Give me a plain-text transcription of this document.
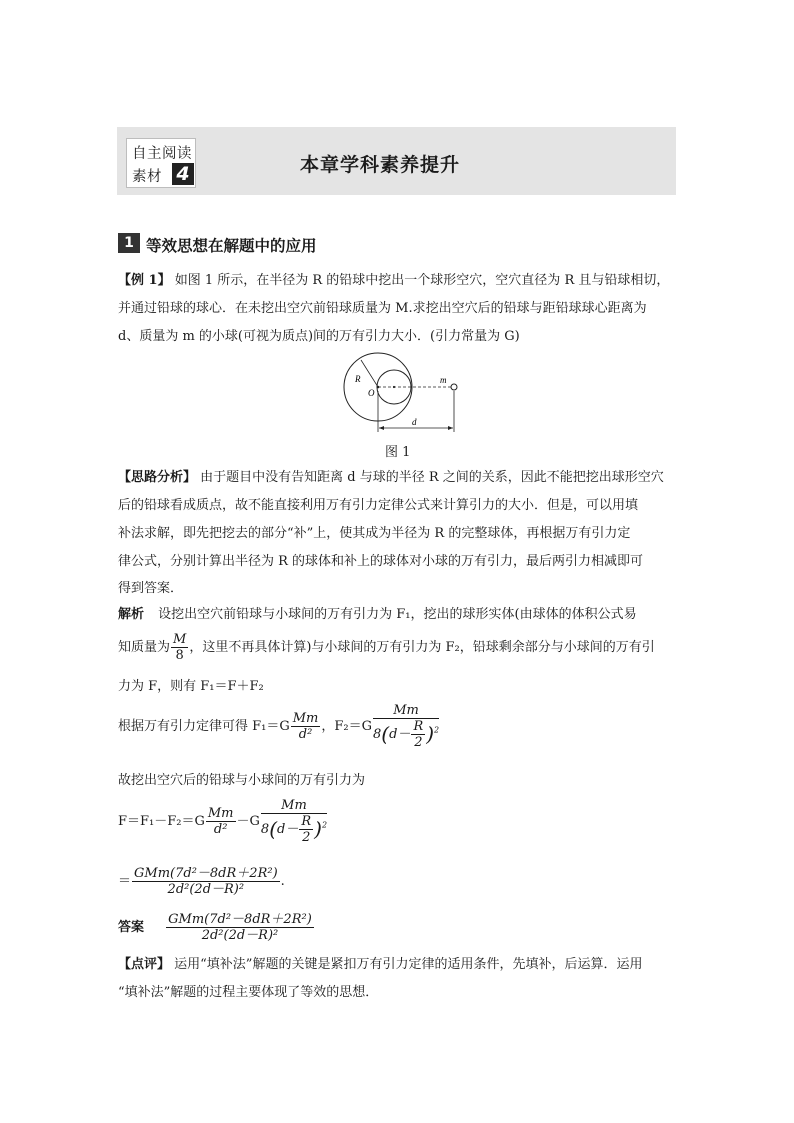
自主阅读
素材 4	本章学科素养提升
1 等效思想在解题中的应用
【例 1】 如图 1 所示，在半径为 R 的铅球中挖出一个球形空穴，空穴直径为 R 且与铅球相切，
并通过铅球的球心．在未挖出空穴前铅球质量为 M.求挖出空穴后的铅球与距铅球球心距离为
d、质量为 m 的小球(可视为质点)间的万有引力大小．(引力常量为 G)
R
O
m
d
图 1
【思路分析】 由于题目中没有告知距离 d 与球的半径 R 之间的关系，因此不能把挖出球形空穴
后的铅球看成质点，故不能直接利用万有引力定律公式来计算引力的大小．但是，可以用填
补法求解，即先把挖去的部分“补”上，使其成为半径为 R 的完整球体，再根据万有引力定
律公式，分别计算出半径为 R 的球体和补上的球体对小球的万有引力，最后两引力相减即可
得到答案．
解析 设挖出空穴前铅球与小球间的万有引力为 F₁，挖出的球形实体(由球体的体积公式易
知质量为 $\frac{M}{8}$ ，这里不再具体计算)与小球间的万有引力为 F₂，铅球剩余部分与小球间的万有引
力为 F，则有 F₁＝F＋F₂
根据万有引力定律可得 $F_1=G \frac{Mm}{\text{d²}}$ ，$F_2=G \frac{Mm}{8(d- \frac{R}{2} )^2}$
故挖出空穴后的铅球与小球间的万有引力为
$F=F_1-F_2=G \frac{Mm}{\text{d²}} -G \frac{Mm}{8(d- \frac{R}{2} )^2}$
＝ $\frac{\text{GMm(7d²－8dR＋2R²)}}{\text{2d²(2d－R)²}}$ .
答案 $\frac{\text{GMm(7d²－8dR＋2R²)}}{\text{2d²(2d－R)²}}$
【点评】 运用“填补法”解题的关键是紧扣万有引力定律的适用条件，先填补，后运算．运用
“填补法”解题的过程主要体现了等效的思想．
